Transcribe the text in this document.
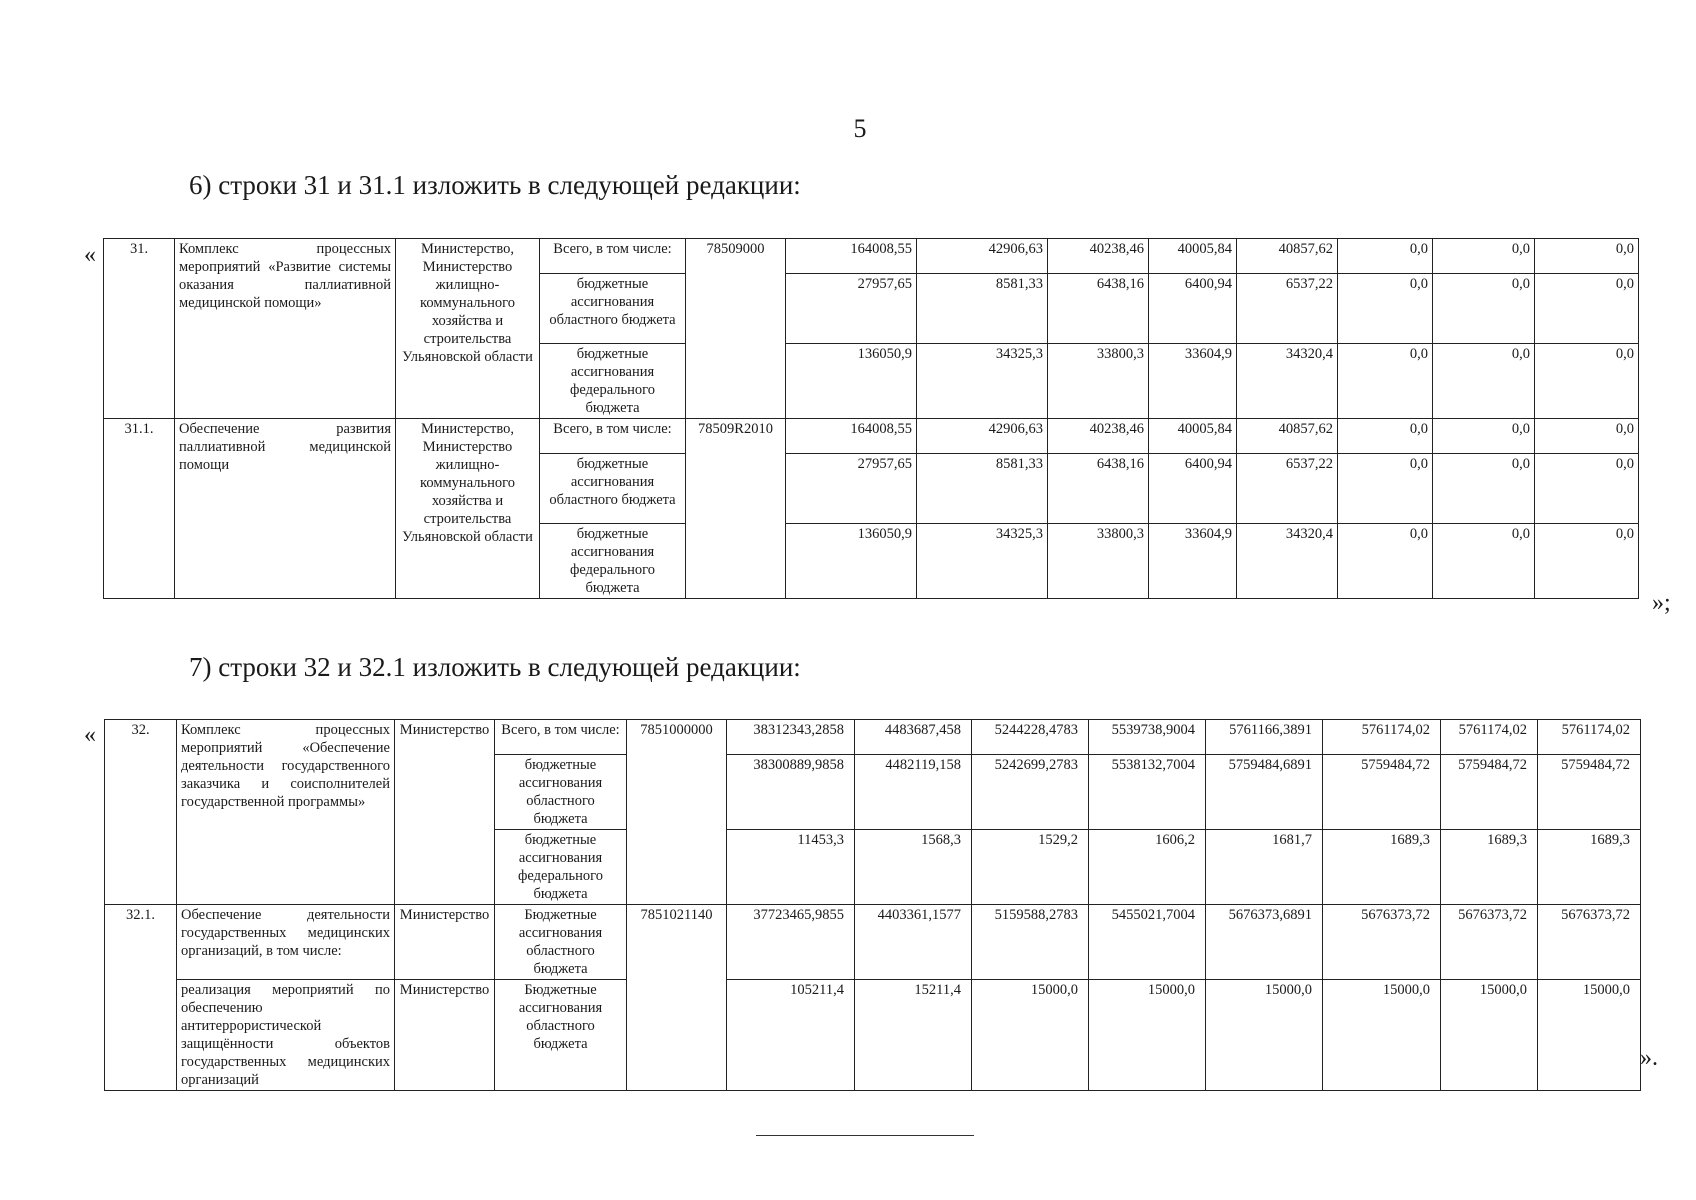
5
6) строки 31 и 31.1 изложить в следующей редакции:
«
»;
31.	Комплекс процессных мероприятий «Развитие системы оказания паллиативной медицинской помощи»	Министерство, Министерство жилищно-коммунального хозяйства и строительства Ульяновской области	Всего, в том числе:	78509000	164008,55	42906,63	40238,46	40005,84	40857,62	0,0	0,0	0,0
			бюджетные ассигнования областного бюджета		27957,65	8581,33	6438,16	6400,94	6537,22	0,0	0,0	0,0
			бюджетные ассигнования федерального бюджета		136050,9	34325,3	33800,3	33604,9	34320,4	0,0	0,0	0,0
31.1.	Обеспечение развития паллиативной медицинской помощи	Министерство, Министерство жилищно-коммунального хозяйства и строительства Ульяновской области	Всего, в том числе:	78509R2010	164008,55	42906,63	40238,46	40005,84	40857,62	0,0	0,0	0,0
			бюджетные ассигнования областного бюджета		27957,65	8581,33	6438,16	6400,94	6537,22	0,0	0,0	0,0
			бюджетные ассигнования федерального бюджета		136050,9	34325,3	33800,3	33604,9	34320,4	0,0	0,0	0,0
7) строки 32 и 32.1 изложить в следующей редакции:
«
».
32.	Комплекс процессных мероприятий «Обеспечение деятельности государственного заказчика и соисполнителей государственной программы»	Министерство	Всего, в том числе:	7851000000	38312343,2858	4483687,458	5244228,4783	5539738,9004	5761166,3891	5761174,02	5761174,02	5761174,02
			бюджетные ассигнования областного бюджета		38300889,9858	4482119,158	5242699,2783	5538132,7004	5759484,6891	5759484,72	5759484,72	5759484,72
			бюджетные ассигнования федерального бюджета		11453,3	1568,3	1529,2	1606,2	1681,7	1689,3	1689,3	1689,3
32.1.	Обеспечение деятельности государственных медицинских организаций, в том числе:	Министерство	Бюджетные ассигнования областного бюджета	7851021140	37723465,9855	4403361,1577	5159588,2783	5455021,7004	5676373,6891	5676373,72	5676373,72	5676373,72
	реализация мероприятий по обеспечению антитеррористической защищённости объектов государственных медицинских организаций	Министерство	Бюджетные ассигнования областного бюджета		105211,4	15211,4	15000,0	15000,0	15000,0	15000,0	15000,0	15000,0
